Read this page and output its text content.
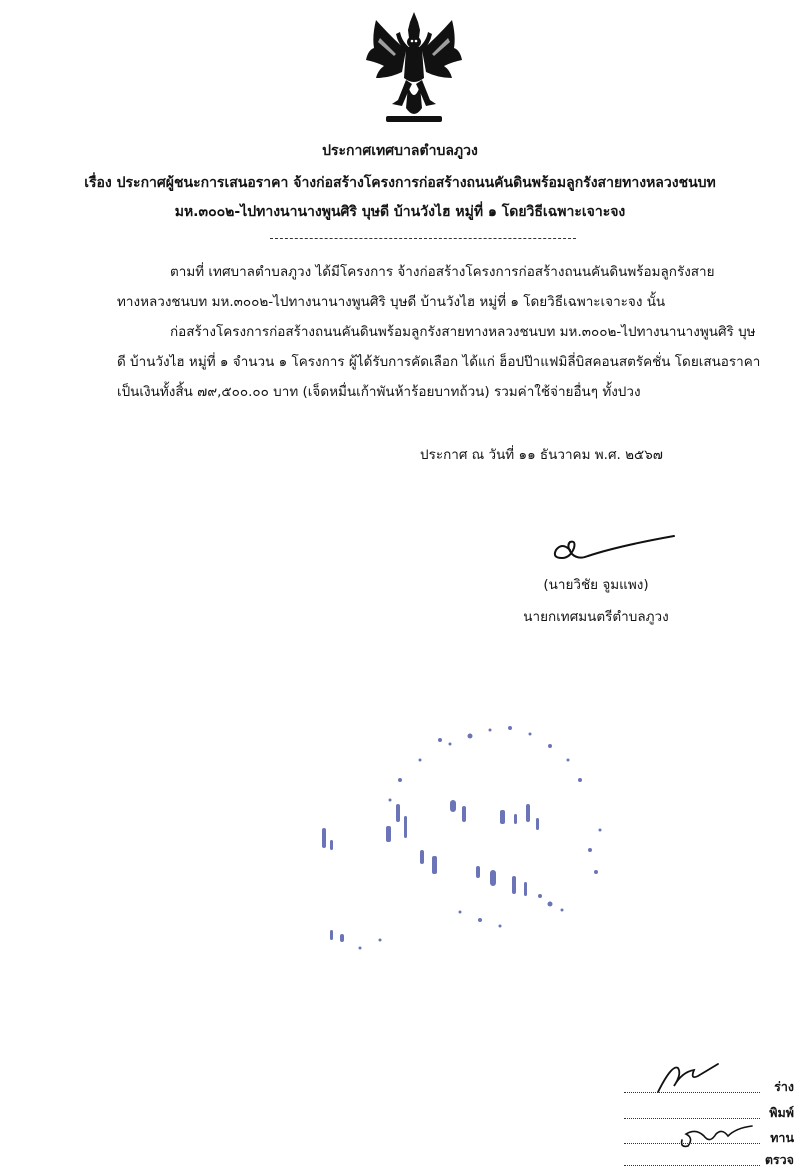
ประกาศเทศบาลตำบลภูวง
เรื่อง ประกาศผู้ชนะการเสนอราคา จ้างก่อสร้างโครงการก่อสร้างถนนคันดินพร้อมลูกรังสายทางหลวงชนบท
มห.๓๐๐๒-ไปทางนานางพูนศิริ บุษดี บ้านวังไฮ หมู่ที่ ๑ โดยวิธีเฉพาะเจาะจง
ตามที่ เทศบาลตำบลภูวง ได้มีโครงการ จ้างก่อสร้างโครงการก่อสร้างถนนคันดินพร้อมลูกรังสาย
ทางหลวงชนบท มห.๓๐๐๒-ไปทางนานางพูนศิริ บุษดี บ้านวังไฮ หมู่ที่ ๑ โดยวิธีเฉพาะเจาะจง นั้น
ก่อสร้างโครงการก่อสร้างถนนคันดินพร้อมลูกรังสายทางหลวงชนบท มห.๓๐๐๒-ไปทางนานางพูนศิริ บุษ
ดี บ้านวังไฮ หมู่ที่ ๑ จำนวน ๑ โครงการ ผู้ได้รับการคัดเลือก ได้แก่ ฮ็อปป๊าแฟมิลี่บิสคอนสตรัคชั่น โดยเสนอราคา
เป็นเงินทั้งสิ้น ๗๙,๕๐๐.๐๐ บาท (เจ็ดหมื่นเก้าพันห้าร้อยบาทถ้วน) รวมค่าใช้จ่ายอื่นๆ ทั้งปวง
ประกาศ ณ วันที่ ๑๑ ธันวาคม พ.ศ. ๒๕๖๗
(นายวิชัย จูมแพง)
นายกเทศมนตรีตำบลภูวง
ร่าง
พิมพ์
ทาน
ตรวจ
